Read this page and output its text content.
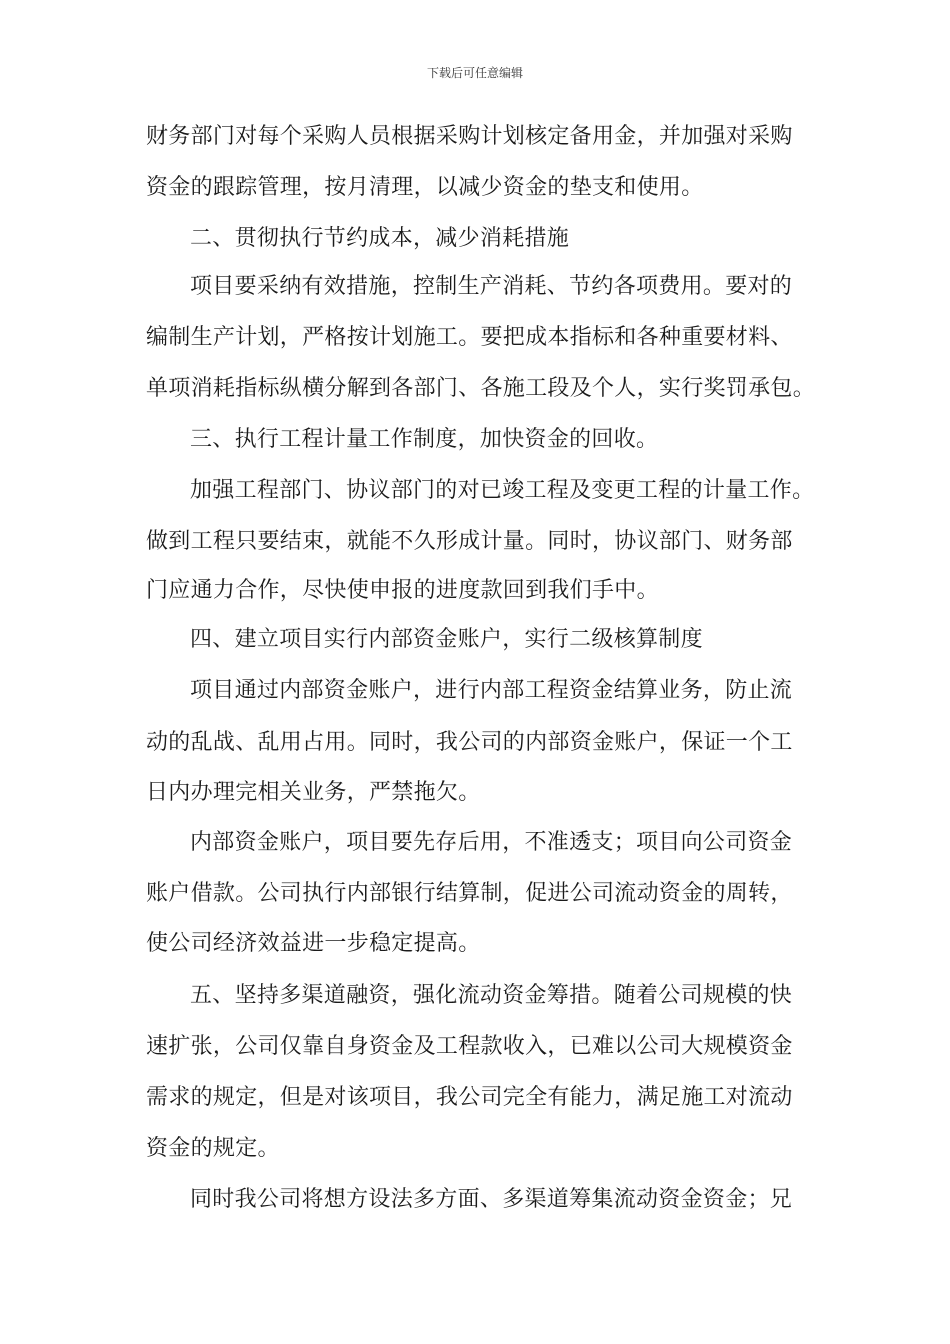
下载后可任意编辑

财务部门对每个采购人员根据采购计划核定备用金，并加强对采购

资金的跟踪管理，按月清理，以减少资金的垫支和使用。

二、贯彻执行节约成本，减少消耗措施

项目要采纳有效措施，控制生产消耗、节约各项费用。要对的

编制生产计划，严格按计划施工。要把成本指标和各种重要材料、

单项消耗指标纵横分解到各部门、各施工段及个人，实行奖罚承包。

三、执行工程计量工作制度，加快资金的回收。

加强工程部门、协议部门的对已竣工程及变更工程的计量工作。

做到工程只要结束，就能不久形成计量。同时，协议部门、财务部

门应通力合作，尽快使申报的进度款回到我们手中。

四、建立项目实行内部资金账户，实行二级核算制度

项目通过内部资金账户，进行内部工程资金结算业务，防止流

动的乱战、乱用占用。同时，我公司的内部资金账户，保证一个工

日内办理完相关业务，严禁拖欠。

内部资金账户，项目要先存后用，不准透支；项目向公司资金

账户借款。公司执行内部银行结算制，促进公司流动资金的周转，

使公司经济效益进一步稳定提高。

五、坚持多渠道融资，强化流动资金筹措。随着公司规模的快

速扩张，公司仅靠自身资金及工程款收入，已难以公司大规模资金

需求的规定，但是对该项目，我公司完全有能力，满足施工对流动

资金的规定。

同时我公司将想方设法多方面、多渠道筹集流动资金资金；兄
